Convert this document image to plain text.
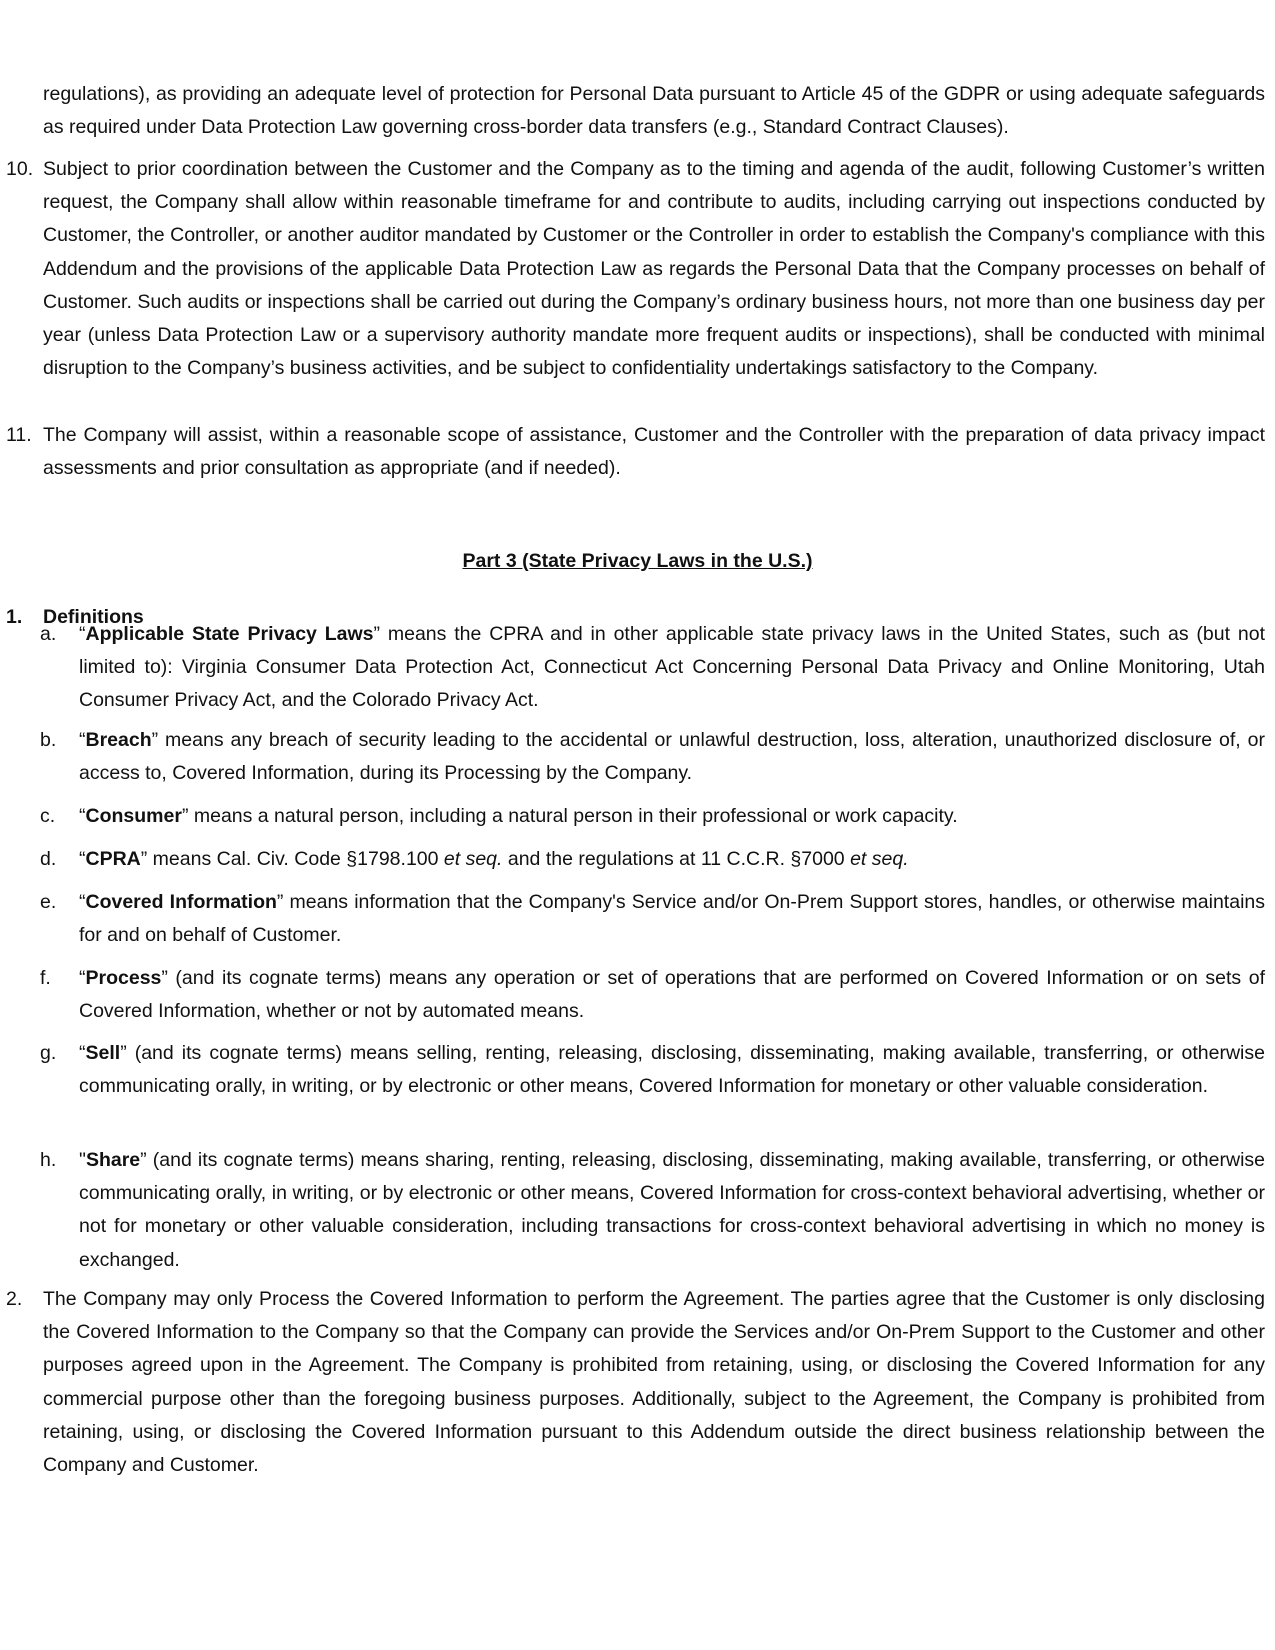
regulations), as providing an adequate level of protection for Personal Data pursuant to Article 45 of the GDPR or using adequate safeguards as required under Data Protection Law governing cross-border data transfers (e.g., Standard Contract Clauses).

10. Subject to prior coordination between the Customer and the Company as to the timing and agenda of the audit, following Customer’s written request, the Company shall allow within reasonable timeframe for and contribute to audits, including carrying out inspections conducted by Customer, the Controller, or another auditor mandated by Customer or the Controller in order to establish the Company's compliance with this Addendum and the provisions of the applicable Data Protection Law as regards the Personal Data that the Company processes on behalf of Customer. Such audits or inspections shall be carried out during the Company’s ordinary business hours, not more than one business day per year (unless Data Protection Law or a supervisory authority mandate more frequent audits or inspections), shall be conducted with minimal disruption to the Company’s business activities, and be subject to confidentiality undertakings satisfactory to the Company.

11. The Company will assist, within a reasonable scope of assistance, Customer and the Controller with the preparation of data privacy impact assessments and prior consultation as appropriate (and if needed).

Part 3 (State Privacy Laws in the U.S.)
1. Definitions
a. “Applicable State Privacy Laws” means the CPRA and in other applicable state privacy laws in the United States, such as (but not limited to): Virginia Consumer Data Protection Act, Connecticut Act Concerning Personal Data Privacy and Online Monitoring, Utah Consumer Privacy Act, and the Colorado Privacy Act.

b. “Breach” means any breach of security leading to the accidental or unlawful destruction, loss, alteration, unauthorized disclosure of, or access to, Covered Information, during its Processing by the Company.

c. “Consumer” means a natural person, including a natural person in their professional or work capacity.

d. “CPRA” means Cal. Civ. Code §1798.100 et seq. and the regulations at 11 C.C.R. §7000 et seq.

e. “Covered Information” means information that the Company's Service and/or On-Prem Support stores, handles, or otherwise maintains for and on behalf of Customer.

f. “Process” (and its cognate terms) means any operation or set of operations that are performed on Covered Information or on sets of Covered Information, whether or not by automated means.

g. “Sell” (and its cognate terms) means selling, renting, releasing, disclosing, disseminating, making available, transferring, or otherwise communicating orally, in writing, or by electronic or other means, Covered Information for monetary or other valuable consideration.

h. "Share” (and its cognate terms) means sharing, renting, releasing, disclosing, disseminating, making available, transferring, or otherwise communicating orally, in writing, or by electronic or other means, Covered Information for cross-context behavioral advertising, whether or not for monetary or other valuable consideration, including transactions for cross-context behavioral advertising in which no money is exchanged.

2. The Company may only Process the Covered Information to perform the Agreement. The parties agree that the Customer is only disclosing the Covered Information to the Company so that the Company can provide the Services and/or On-Prem Support to the Customer and other purposes agreed upon in the Agreement. The Company is prohibited from retaining, using, or disclosing the Covered Information for any commercial purpose other than the foregoing business purposes. Additionally, subject to the Agreement, the Company is prohibited from retaining, using, or disclosing the Covered Information pursuant to this Addendum outside the direct business relationship between the Company and Customer.
